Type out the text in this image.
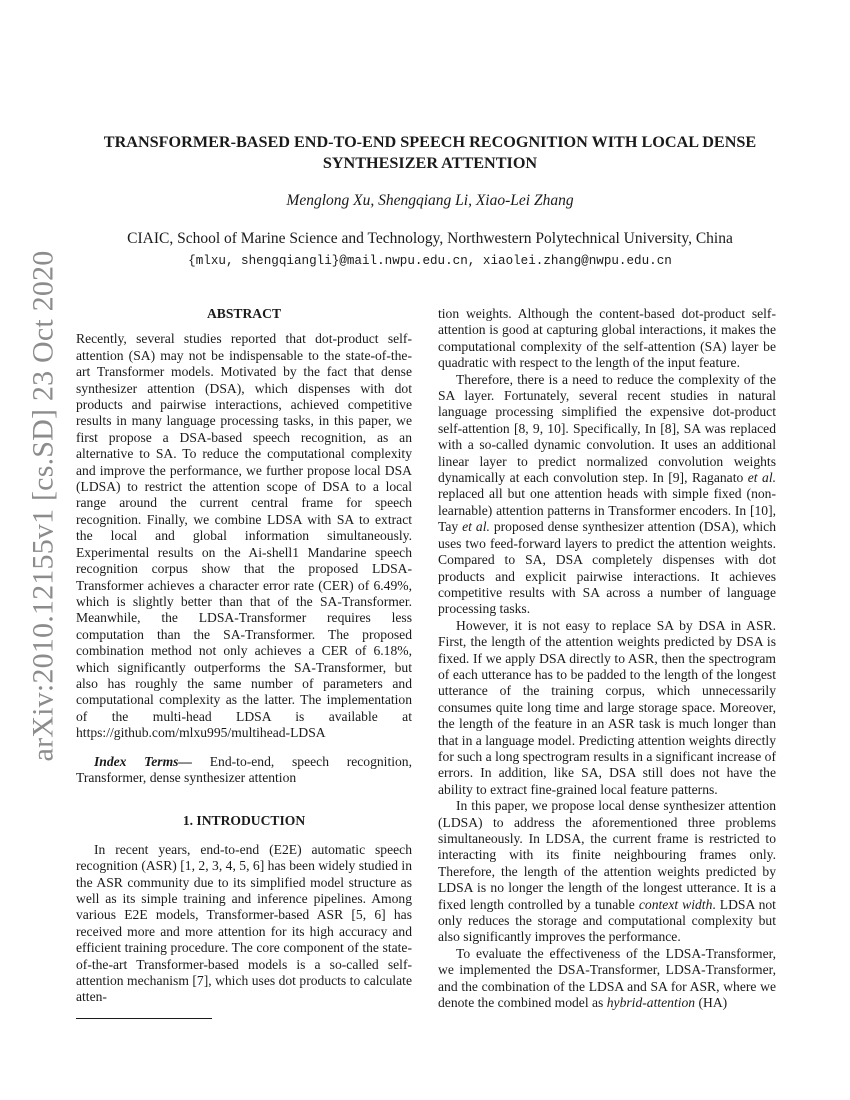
arXiv:2010.12155v1 [cs.SD] 23 Oct 2020
TRANSFORMER-BASED END-TO-END SPEECH RECOGNITION WITH LOCAL DENSE
SYNTHESIZER ATTENTION
Menglong Xu, Shengqiang Li, Xiao-Lei Zhang
CIAIC, School of Marine Science and Technology, Northwestern Polytechnical University, China
{mlxu, shengqiangli}@mail.nwpu.edu.cn, xiaolei.zhang@nwpu.edu.cn
ABSTRACT

Recently, several studies reported that dot-product self-attention (SA) may not be indispensable to the state-of-the-art Transformer models. Motivated by the fact that dense synthesizer attention (DSA), which dispenses with dot products and pairwise interactions, achieved competitive results in many language processing tasks, in this paper, we first propose a DSA-based speech recognition, as an alternative to SA. To reduce the computational complexity and improve the performance, we further propose local DSA (LDSA) to restrict the attention scope of DSA to a local range around the current central frame for speech recognition. Finally, we combine LDSA with SA to extract the local and global information simultaneously. Experimental results on the Ai-shell1 Mandarine speech recognition corpus show that the proposed LDSA-Transformer achieves a character error rate (CER) of 6.49%, which is slightly better than that of the SA-Transformer. Meanwhile, the LDSA-Transformer requires less computation than the SA-Transformer. The proposed combination method not only achieves a CER of 6.18%, which significantly outperforms the SA-Transformer, but also has roughly the same number of parameters and computational complexity as the latter. The implementation of the multi-head LDSA is available at https://github.com/mlxu995/multihead-LDSA

Index Terms— End-to-end, speech recognition, Transformer, dense synthesizer attention

1. INTRODUCTION

In recent years, end-to-end (E2E) automatic speech recognition (ASR) [1, 2, 3, 4, 5, 6] has been widely studied in the ASR community due to its simplified model structure as well as its simple training and inference pipelines. Among various E2E models, Transformer-based ASR [5, 6] has received more and more attention for its high accuracy and efficient training procedure. The core component of the state-of-the-art Transformer-based models is a so-called self-attention mechanism [7], which uses dot products to calculate atten-

tion weights. Although the content-based dot-product self-attention is good at capturing global interactions, it makes the computational complexity of the self-attention (SA) layer be quadratic with respect to the length of the input feature.

Therefore, there is a need to reduce the complexity of the SA layer. Fortunately, several recent studies in natural language processing simplified the expensive dot-product self-attention [8, 9, 10]. Specifically, In [8], SA was replaced with a so-called dynamic convolution. It uses an additional linear layer to predict normalized convolution weights dynamically at each convolution step. In [9], Raganato et al. replaced all but one attention heads with simple fixed (non-learnable) attention patterns in Transformer encoders. In [10], Tay et al. proposed dense synthesizer attention (DSA), which uses two feed-forward layers to predict the attention weights. Compared to SA, DSA completely dispenses with dot products and explicit pairwise interactions. It achieves competitive results with SA across a number of language processing tasks.

However, it is not easy to replace SA by DSA in ASR. First, the length of the attention weights predicted by DSA is fixed. If we apply DSA directly to ASR, then the spectrogram of each utterance has to be padded to the length of the longest utterance of the training corpus, which unnecessarily consumes quite long time and large storage space. Moreover, the length of the feature in an ASR task is much longer than that in a language model. Predicting attention weights directly for such a long spectrogram results in a significant increase of errors. In addition, like SA, DSA still does not have the ability to extract fine-grained local feature patterns.

In this paper, we propose local dense synthesizer attention (LDSA) to address the aforementioned three problems simultaneously. In LDSA, the current frame is restricted to interacting with its finite neighbouring frames only. Therefore, the length of the attention weights predicted by LDSA is no longer the length of the longest utterance. It is a fixed length controlled by a tunable context width. LDSA not only reduces the storage and computational complexity but also significantly improves the performance.

To evaluate the effectiveness of the LDSA-Transformer, we implemented the DSA-Transformer, LDSA-Transformer, and the combination of the LDSA and SA for ASR, where we denote the combined model as hybrid-attention (HA)
